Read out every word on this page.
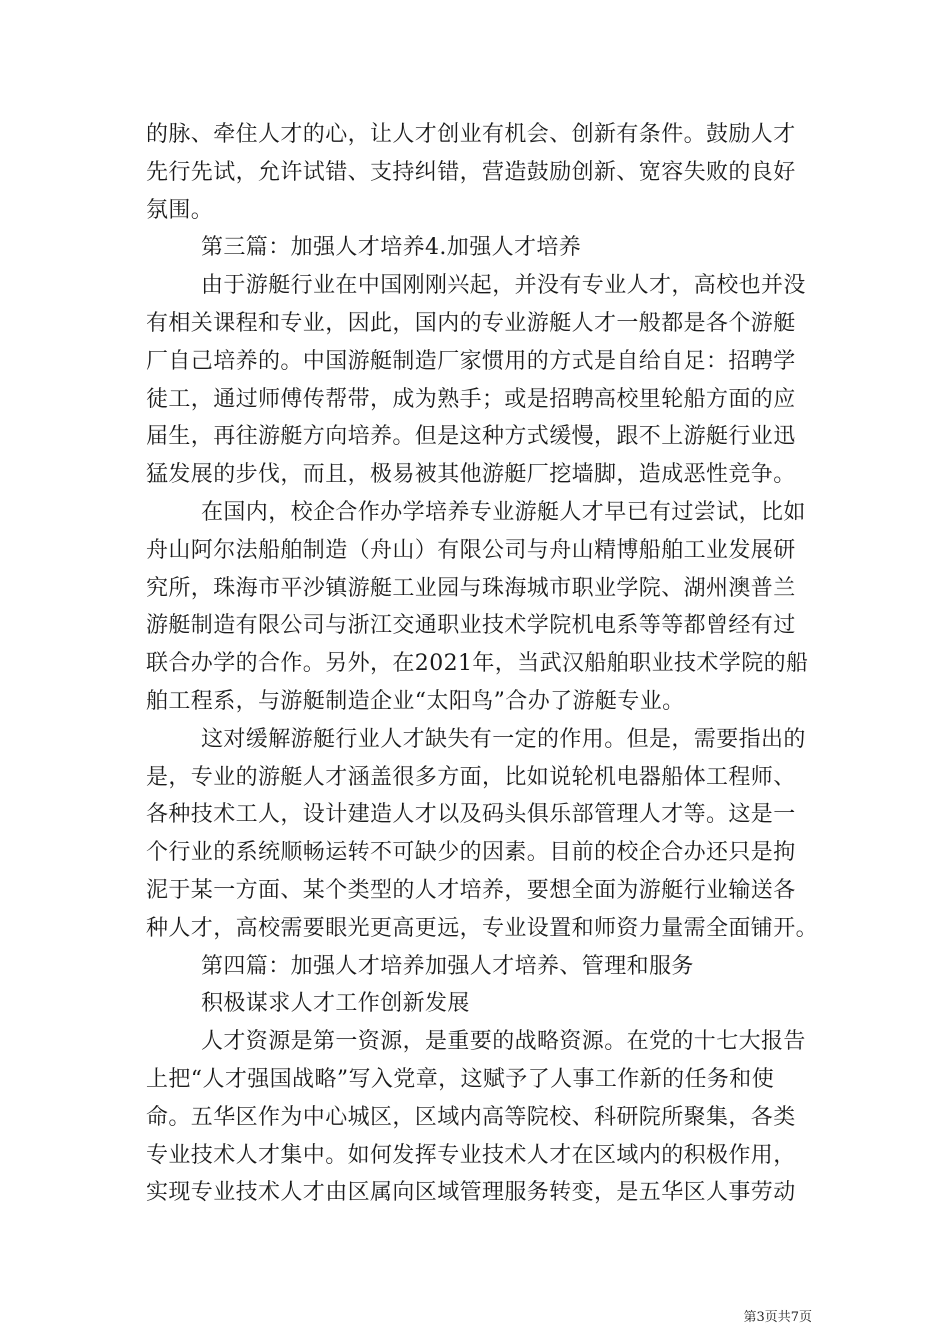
的脉、牵住人才的心，让人才创业有机会、创新有条件。鼓励人才
先行先试，允许试错、支持纠错，营造鼓励创新、宽容失败的良好
氛围。
第三篇：加强人才培养4.加强人才培养
由于游艇行业在中国刚刚兴起，并没有专业人才，高校也并没
有相关课程和专业，因此，国内的专业游艇人才一般都是各个游艇
厂自己培养的。中国游艇制造厂家惯用的方式是自给自足：招聘学
徒工，通过师傅传帮带，成为熟手；或是招聘高校里轮船方面的应
届生，再往游艇方向培养。但是这种方式缓慢，跟不上游艇行业迅
猛发展的步伐，而且，极易被其他游艇厂挖墙脚，造成恶性竞争。
在国内，校企合作办学培养专业游艇人才早已有过尝试，比如
舟山阿尔法船舶制造（舟山）有限公司与舟山精博船舶工业发展研
究所，珠海市平沙镇游艇工业园与珠海城市职业学院、湖州澳普兰
游艇制造有限公司与浙江交通职业技术学院机电系等等都曾经有过
联合办学的合作。另外，在2021年，当武汉船舶职业技术学院的船
舶工程系，与游艇制造企业“太阳鸟”合办了游艇专业。
这对缓解游艇行业人才缺失有一定的作用。但是，需要指出的
是，专业的游艇人才涵盖很多方面，比如说轮机电器船体工程师、
各种技术工人，设计建造人才以及码头俱乐部管理人才等。这是一
个行业的系统顺畅运转不可缺少的因素。目前的校企合办还只是拘
泥于某一方面、某个类型的人才培养，要想全面为游艇行业输送各
种人才，高校需要眼光更高更远，专业设置和师资力量需全面铺开。
第四篇：加强人才培养加强人才培养、管理和服务
积极谋求人才工作创新发展
人才资源是第一资源，是重要的战略资源。在党的十七大报告
上把“人才强国战略”写入党章，这赋予了人事工作新的任务和使
命。五华区作为中心城区，区域内高等院校、科研院所聚集，各类
专业技术人才集中。如何发挥专业技术人才在区域内的积极作用，
实现专业技术人才由区属向区域管理服务转变，是五华区人事劳动
第3页共7页
